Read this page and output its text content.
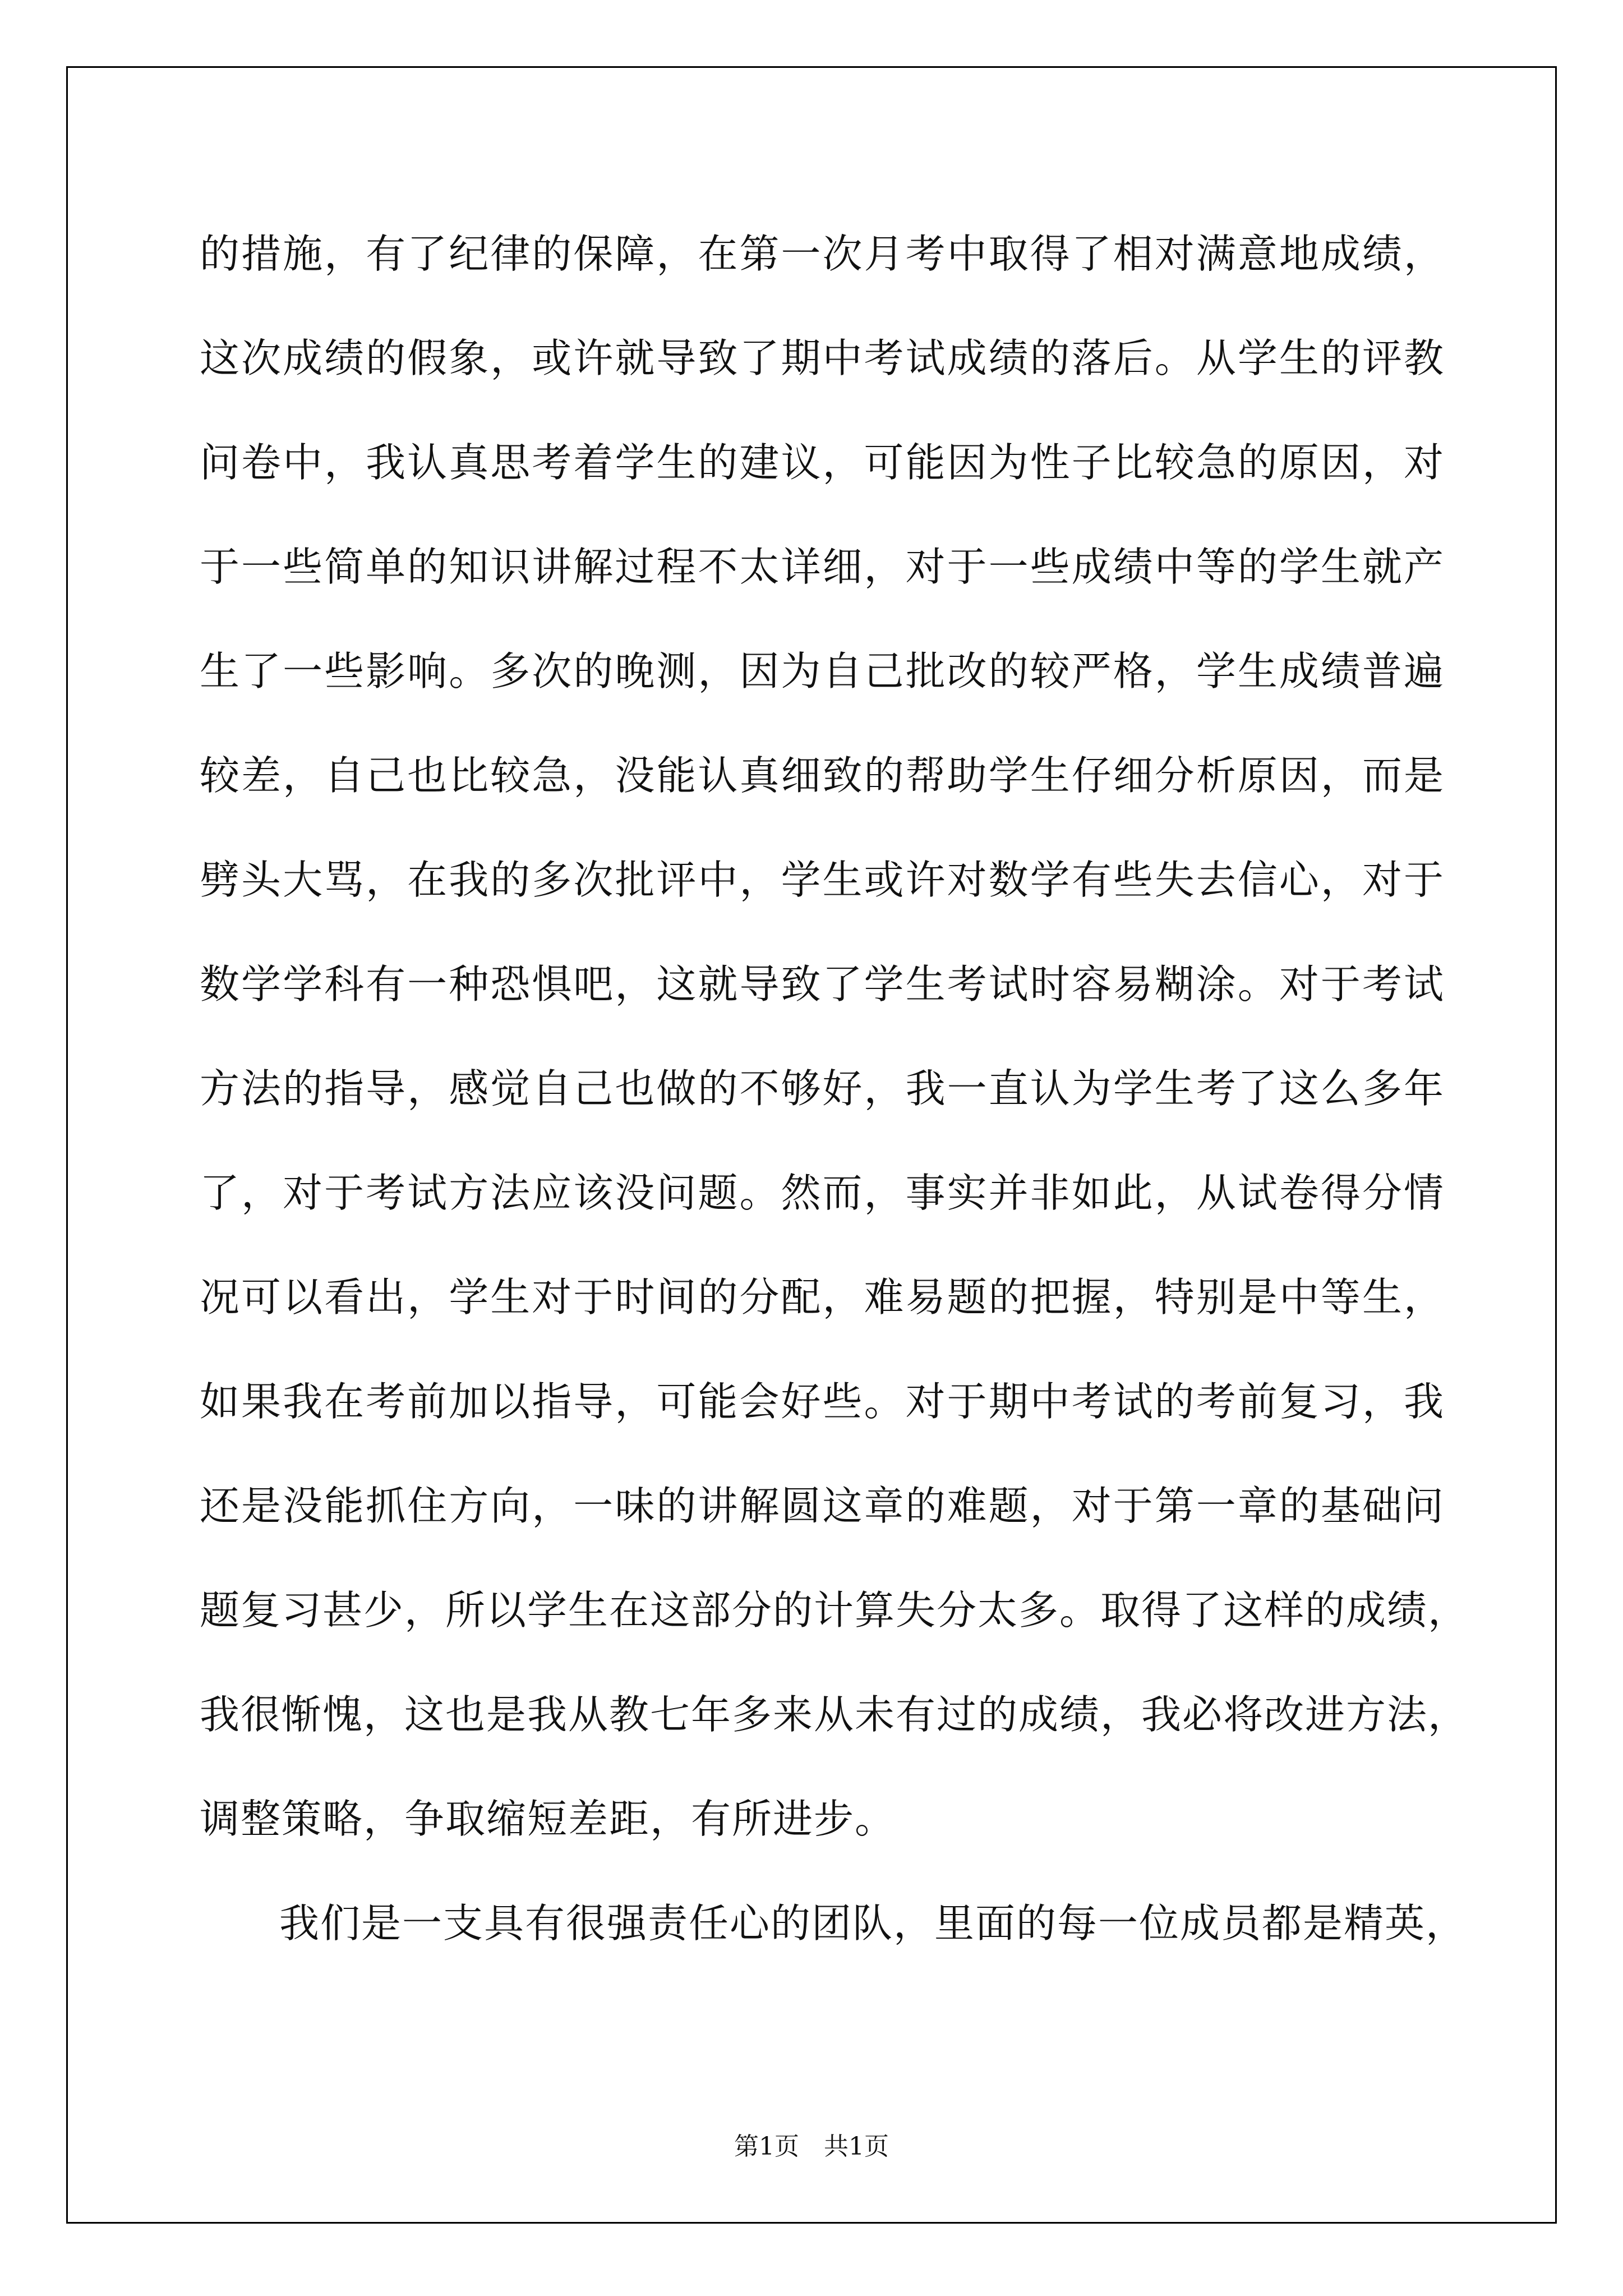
的措施，有了纪律的保障，在第一次月考中取得了相对满意地成绩，
这次成绩的假象，或许就导致了期中考试成绩的落后。从学生的评教
问卷中，我认真思考着学生的建议，可能因为性子比较急的原因，对
于一些简单的知识讲解过程不太详细，对于一些成绩中等的学生就产
生了一些影响。多次的晚测，因为自己批改的较严格，学生成绩普遍
较差，自己也比较急，没能认真细致的帮助学生仔细分析原因，而是
劈头大骂，在我的多次批评中，学生或许对数学有些失去信心，对于
数学学科有一种恐惧吧，这就导致了学生考试时容易糊涂。对于考试
方法的指导，感觉自己也做的不够好，我一直认为学生考了这么多年
了，对于考试方法应该没问题。然而，事实并非如此，从试卷得分情
况可以看出，学生对于时间的分配，难易题的把握，特别是中等生，
如果我在考前加以指导，可能会好些。对于期中考试的考前复习，我
还是没能抓住方向，一味的讲解圆这章的难题，对于第一章的基础问
题复习甚少，所以学生在这部分的计算失分太多。取得了这样的成绩，
我很惭愧，这也是我从教七年多来从未有过的成绩，我必将改进方法，
调整策略，争取缩短差距，有所进步。
我们是一支具有很强责任心的团队，里面的每一位成员都是精英，
第1页　共1页
